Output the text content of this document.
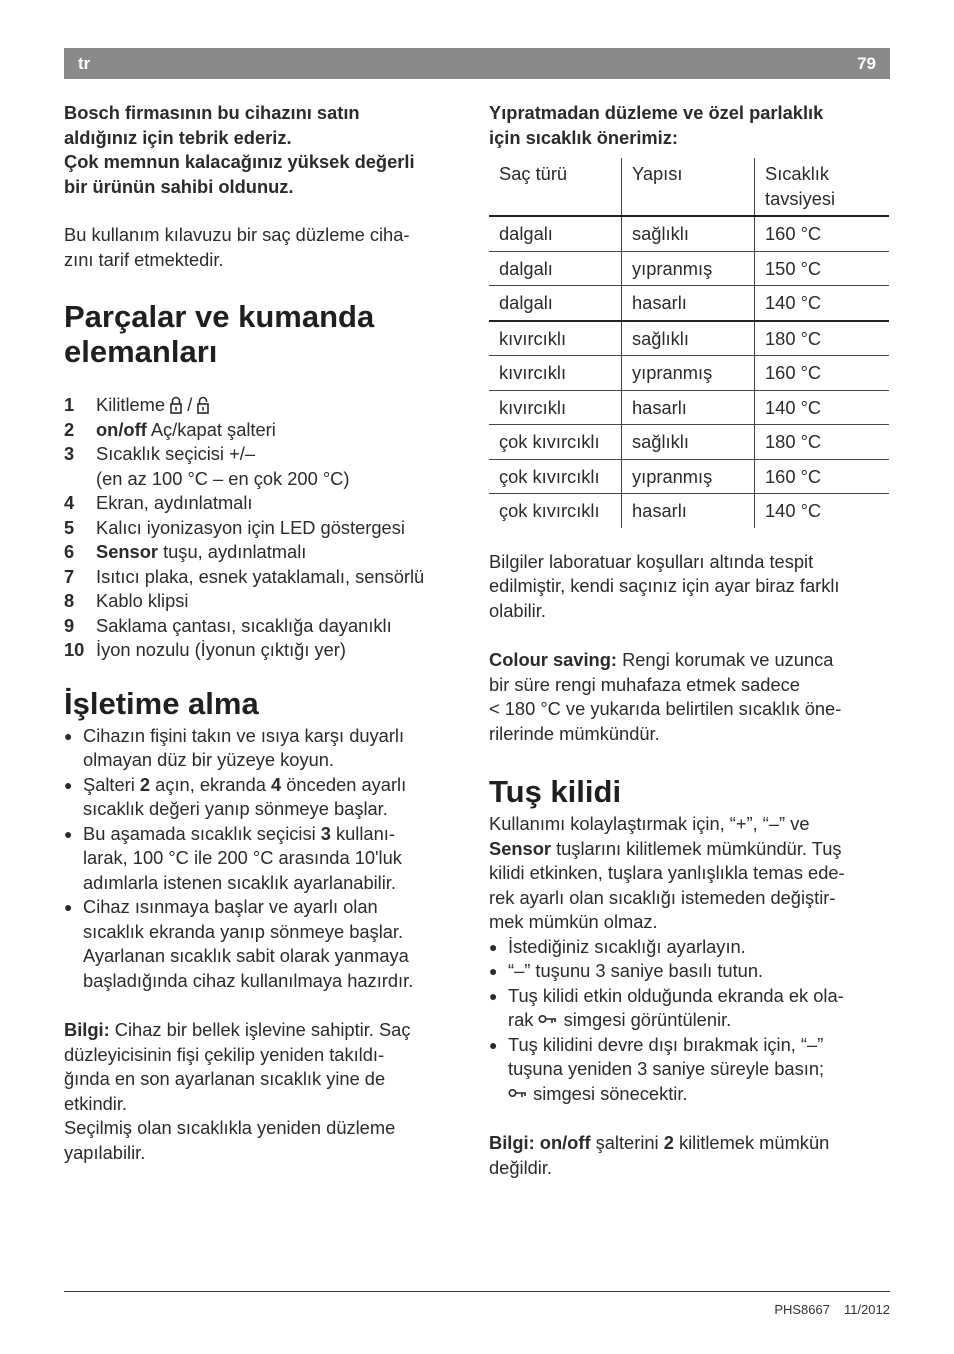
tr	79

Bosch firmasının bu cihazını satın

aldığınız için tebrik ederiz.

Çok memnun kalacağınız yüksek değerli

bir ürünün sahibi oldunuz.

Bu kullanım kılavuzu bir saç düzleme ciha-

zını tarif etmektedir.

Parçalar ve kumanda
elemanları
1	Kilitleme /
2	on/off Aç/kapat şalteri
3	Sıcaklık seçicisi +/–
(en az 100 °C – en çok 200 °C)
4	Ekran, aydınlatmalı
5	Kalıcı iyonizasyon için LED göstergesi
6	Sensor tuşu, aydınlatmalı
7	Isıtıcı plaka, esnek yataklamalı, sensörlü
8	Kablo klipsi
9	Saklama çantası, sıcaklığa dayanıklı
10 İyon nozulu (İyonun çıktığı yer)
İşletime alma
● Cihazın fişini takın ve ısıya karşı duyarlı
olmayan düz bir yüzeye koyun.
● Şalteri 2 açın, ekranda 4 önceden ayarlı
sıcaklık değeri yanıp sönmeye başlar.
● Bu aşamada sıcaklık seçicisi 3 kullanı-
larak, 100 °C ile 200 °C arasında 10'luk
adımlarla istenen sıcaklık ayarlanabilir.
● Cihaz ısınmaya başlar ve ayarlı olan
sıcaklık ekranda yanıp sönmeye başlar.
Ayarlanan sıcaklık sabit olarak yanmaya
başladığında cihaz kullanılmaya hazırdır.

Bilgi: Cihaz bir bellek işlevine sahiptir. Saç

düzleyicisinin fişi çekilip yeniden takıldı-

ğında en son ayarlanan sıcaklık yine de

etkindir.

Seçilmiş olan sıcaklıkla yeniden düzleme

yapılabilir.

Yıpratmadan düzleme ve özel parlaklık

için sıcaklık önerimiz:

Saç türü	Yapısı	Sıcaklık
tavsiyesi
dalgalı	sağlıklı	160 °C
dalgalı	yıpranmış	150 °C
dalgalı	hasarlı	140 °C
kıvırcıklı	sağlıklı	180 °C
kıvırcıklı	yıpranmış	160 °C
kıvırcıklı	hasarlı	140 °C
çok kıvırcıklı	sağlıklı	180 °C
çok kıvırcıklı	yıpranmış	160 °C
çok kıvırcıklı	hasarlı	140 °C

Bilgiler laboratuar koşulları altında tespit

edilmiştir, kendi saçınız için ayar biraz farklı

olabilir.

Colour saving: Rengi korumak ve uzunca

bir süre rengi muhafaza etmek sadece

< 180 °C ve yukarıda belirtilen sıcaklık öne-

rilerinde mümkündür.

Tuş kilidi

Kullanımı kolaylaştırmak için, “+”, “–” ve

Sensor tuşlarını kilitlemek mümkündür. Tuş

kilidi etkinken, tuşlara yanlışlıkla temas ede-

rek ayarlı olan sıcaklığı istemeden değiştir-

mek mümkün olmaz.

● İstediğiniz sıcaklığı ayarlayın.
● “–” tuşunu 3 saniye basılı tutun.
● Tuş kilidi etkin olduğunda ekranda ek ola-
rak  simgesi görüntülenir.
● Tuş kilidini devre dışı bırakmak için, “–”
tuşuna yeniden 3 saniye süreyle basın;
simgesi sönecektir.

Bilgi: on/off şalterini 2 kilitlemek mümkün

değildir.

PHS8667 11/2012
